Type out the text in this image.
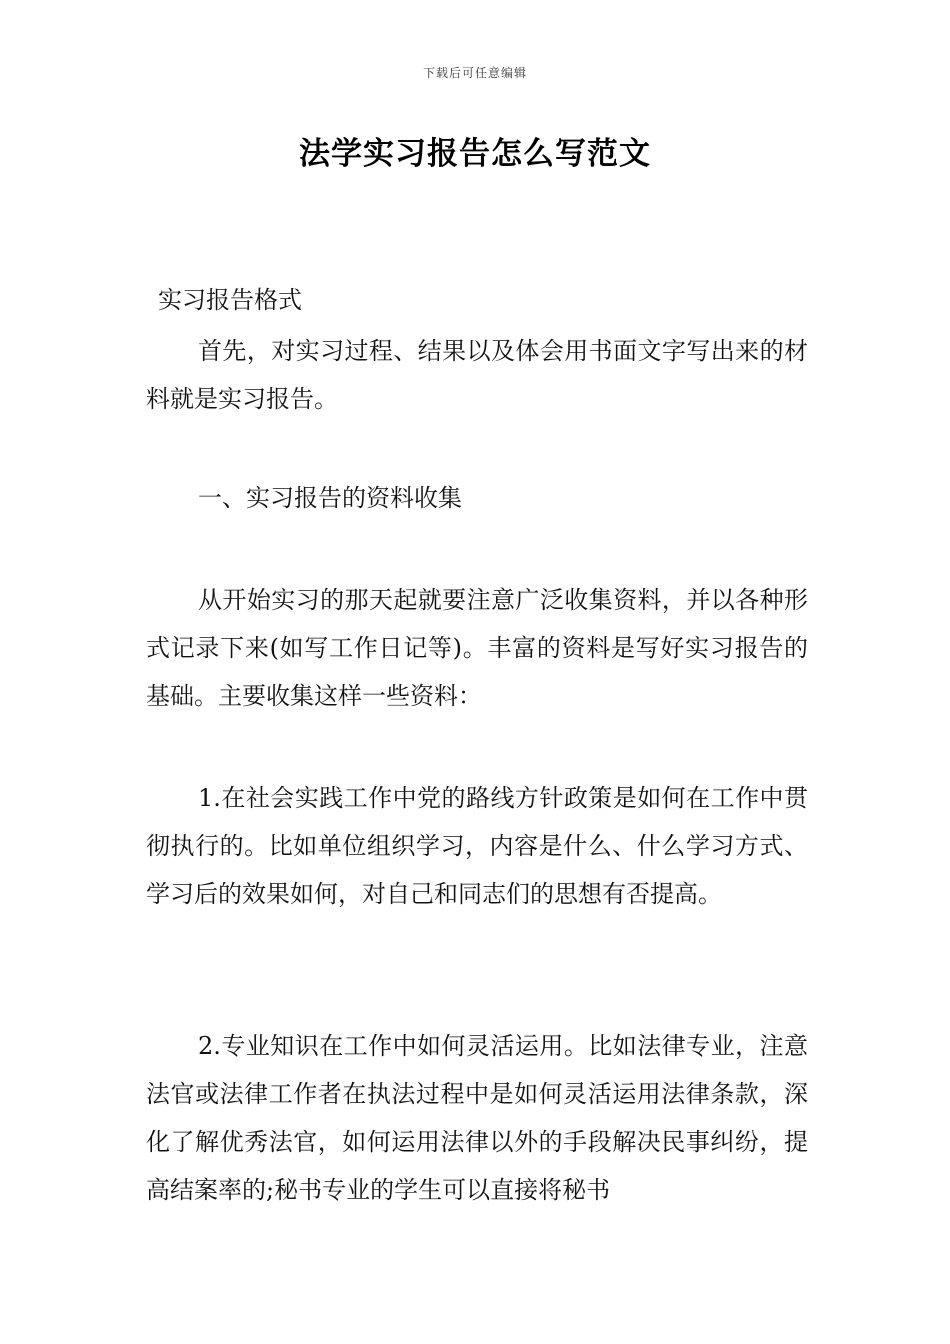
下载后可任意编辑
法学实习报告怎么写范文
实习报告格式
首先，对实习过程、结果以及体会用书面文字写出来的材料就是实习报告。
一、实习报告的资料收集
从开始实习的那天起就要注意广泛收集资料，并以各种形式记录下来(如写工作日记等)。丰富的资料是写好实习报告的基础。主要收集这样一些资料：
1.在社会实践工作中党的路线方针政策是如何在工作中贯彻执行的。比如单位组织学习，内容是什么、什么学习方式、学习后的效果如何，对自己和同志们的思想有否提高。
2.专业知识在工作中如何灵活运用。比如法律专业，注意法官或法律工作者在执法过程中是如何灵活运用法律条款，深化了解优秀法官，如何运用法律以外的手段解决民事纠纷，提高结案率的;秘书专业的学生可以直接将秘书
